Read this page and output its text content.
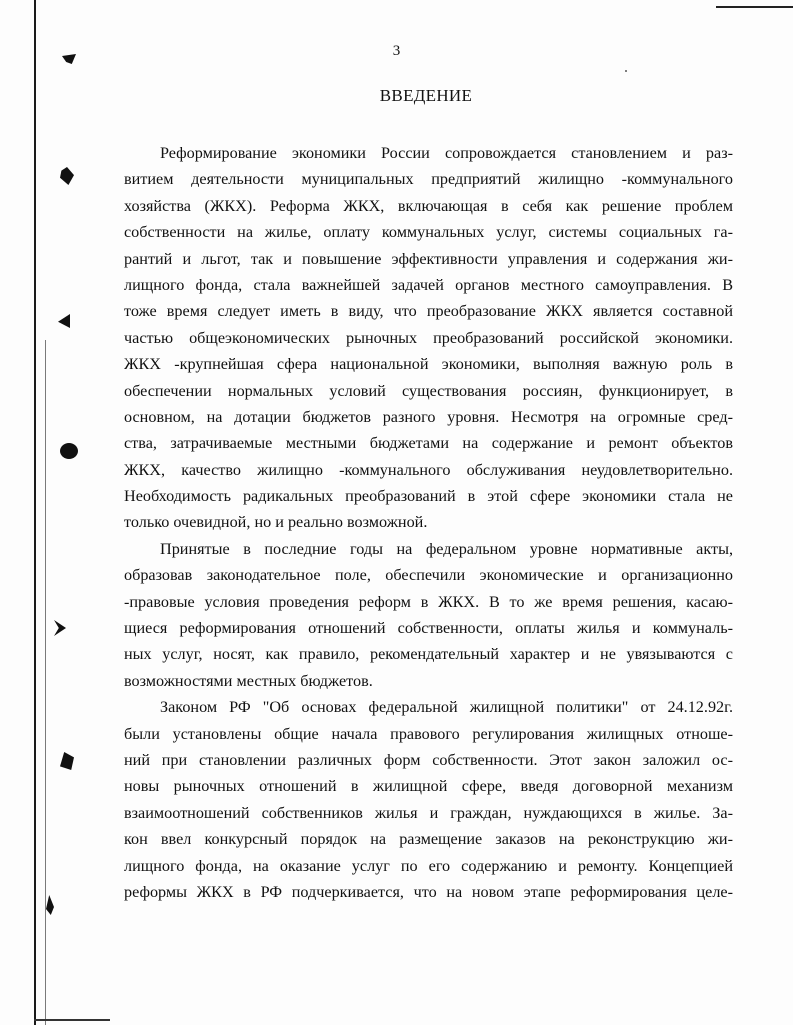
3
ВВЕДЕНИЕ
Реформирование экономики России сопровождается становлением и раз-
витием деятельности муниципальных предприятий жилищно -коммунального
хозяйства (ЖКХ). Реформа ЖКХ, включающая в себя как решение проблем
собственности на жилье, оплату коммунальных услуг, системы социальных га-
рантий и льгот, так и повышение эффективности управления и содержания жи-
лищного фонда, стала важнейшей задачей органов местного самоуправления. В
тоже время следует иметь в виду, что преобразование ЖКХ является составной
частью общеэкономических рыночных преобразований российской экономики.
ЖКХ -крупнейшая сфера национальной экономики, выполняя важную роль в
обеспечении нормальных условий существования россиян, функционирует, в
основном, на дотации бюджетов разного уровня. Несмотря на огромные сред-
ства, затрачиваемые местными бюджетами на содержание и ремонт объектов
ЖКХ, качество жилищно -коммунального обслуживания неудовлетворительно.
Необходимость радикальных преобразований в этой сфере экономики стала не
только очевидной, но и реально возможной.
Принятые в последние годы на федеральном уровне нормативные акты,
образовав законодательное поле, обеспечили экономические и организационно
-правовые условия проведения реформ в ЖКХ. В то же время решения, касаю-
щиеся реформирования отношений собственности, оплаты жилья и коммуналь-
ных услуг, носят, как правило, рекомендательный характер и не увязываются с
возможностями местных бюджетов.
Законом РФ "Об основах федеральной жилищной политики" от 24.12.92г.
были установлены общие начала правового регулирования жилищных отноше-
ний при становлении различных форм собственности. Этот закон заложил ос-
новы рыночных отношений в жилищной сфере, введя договорной механизм
взаимоотношений собственников жилья и граждан, нуждающихся в жилье. За-
кон ввел конкурсный порядок на размещение заказов на реконструкцию жи-
лищного фонда, на оказание услуг по его содержанию и ремонту. Концепцией
реформы ЖКХ в РФ подчеркивается, что на новом этапе реформирования целе-
